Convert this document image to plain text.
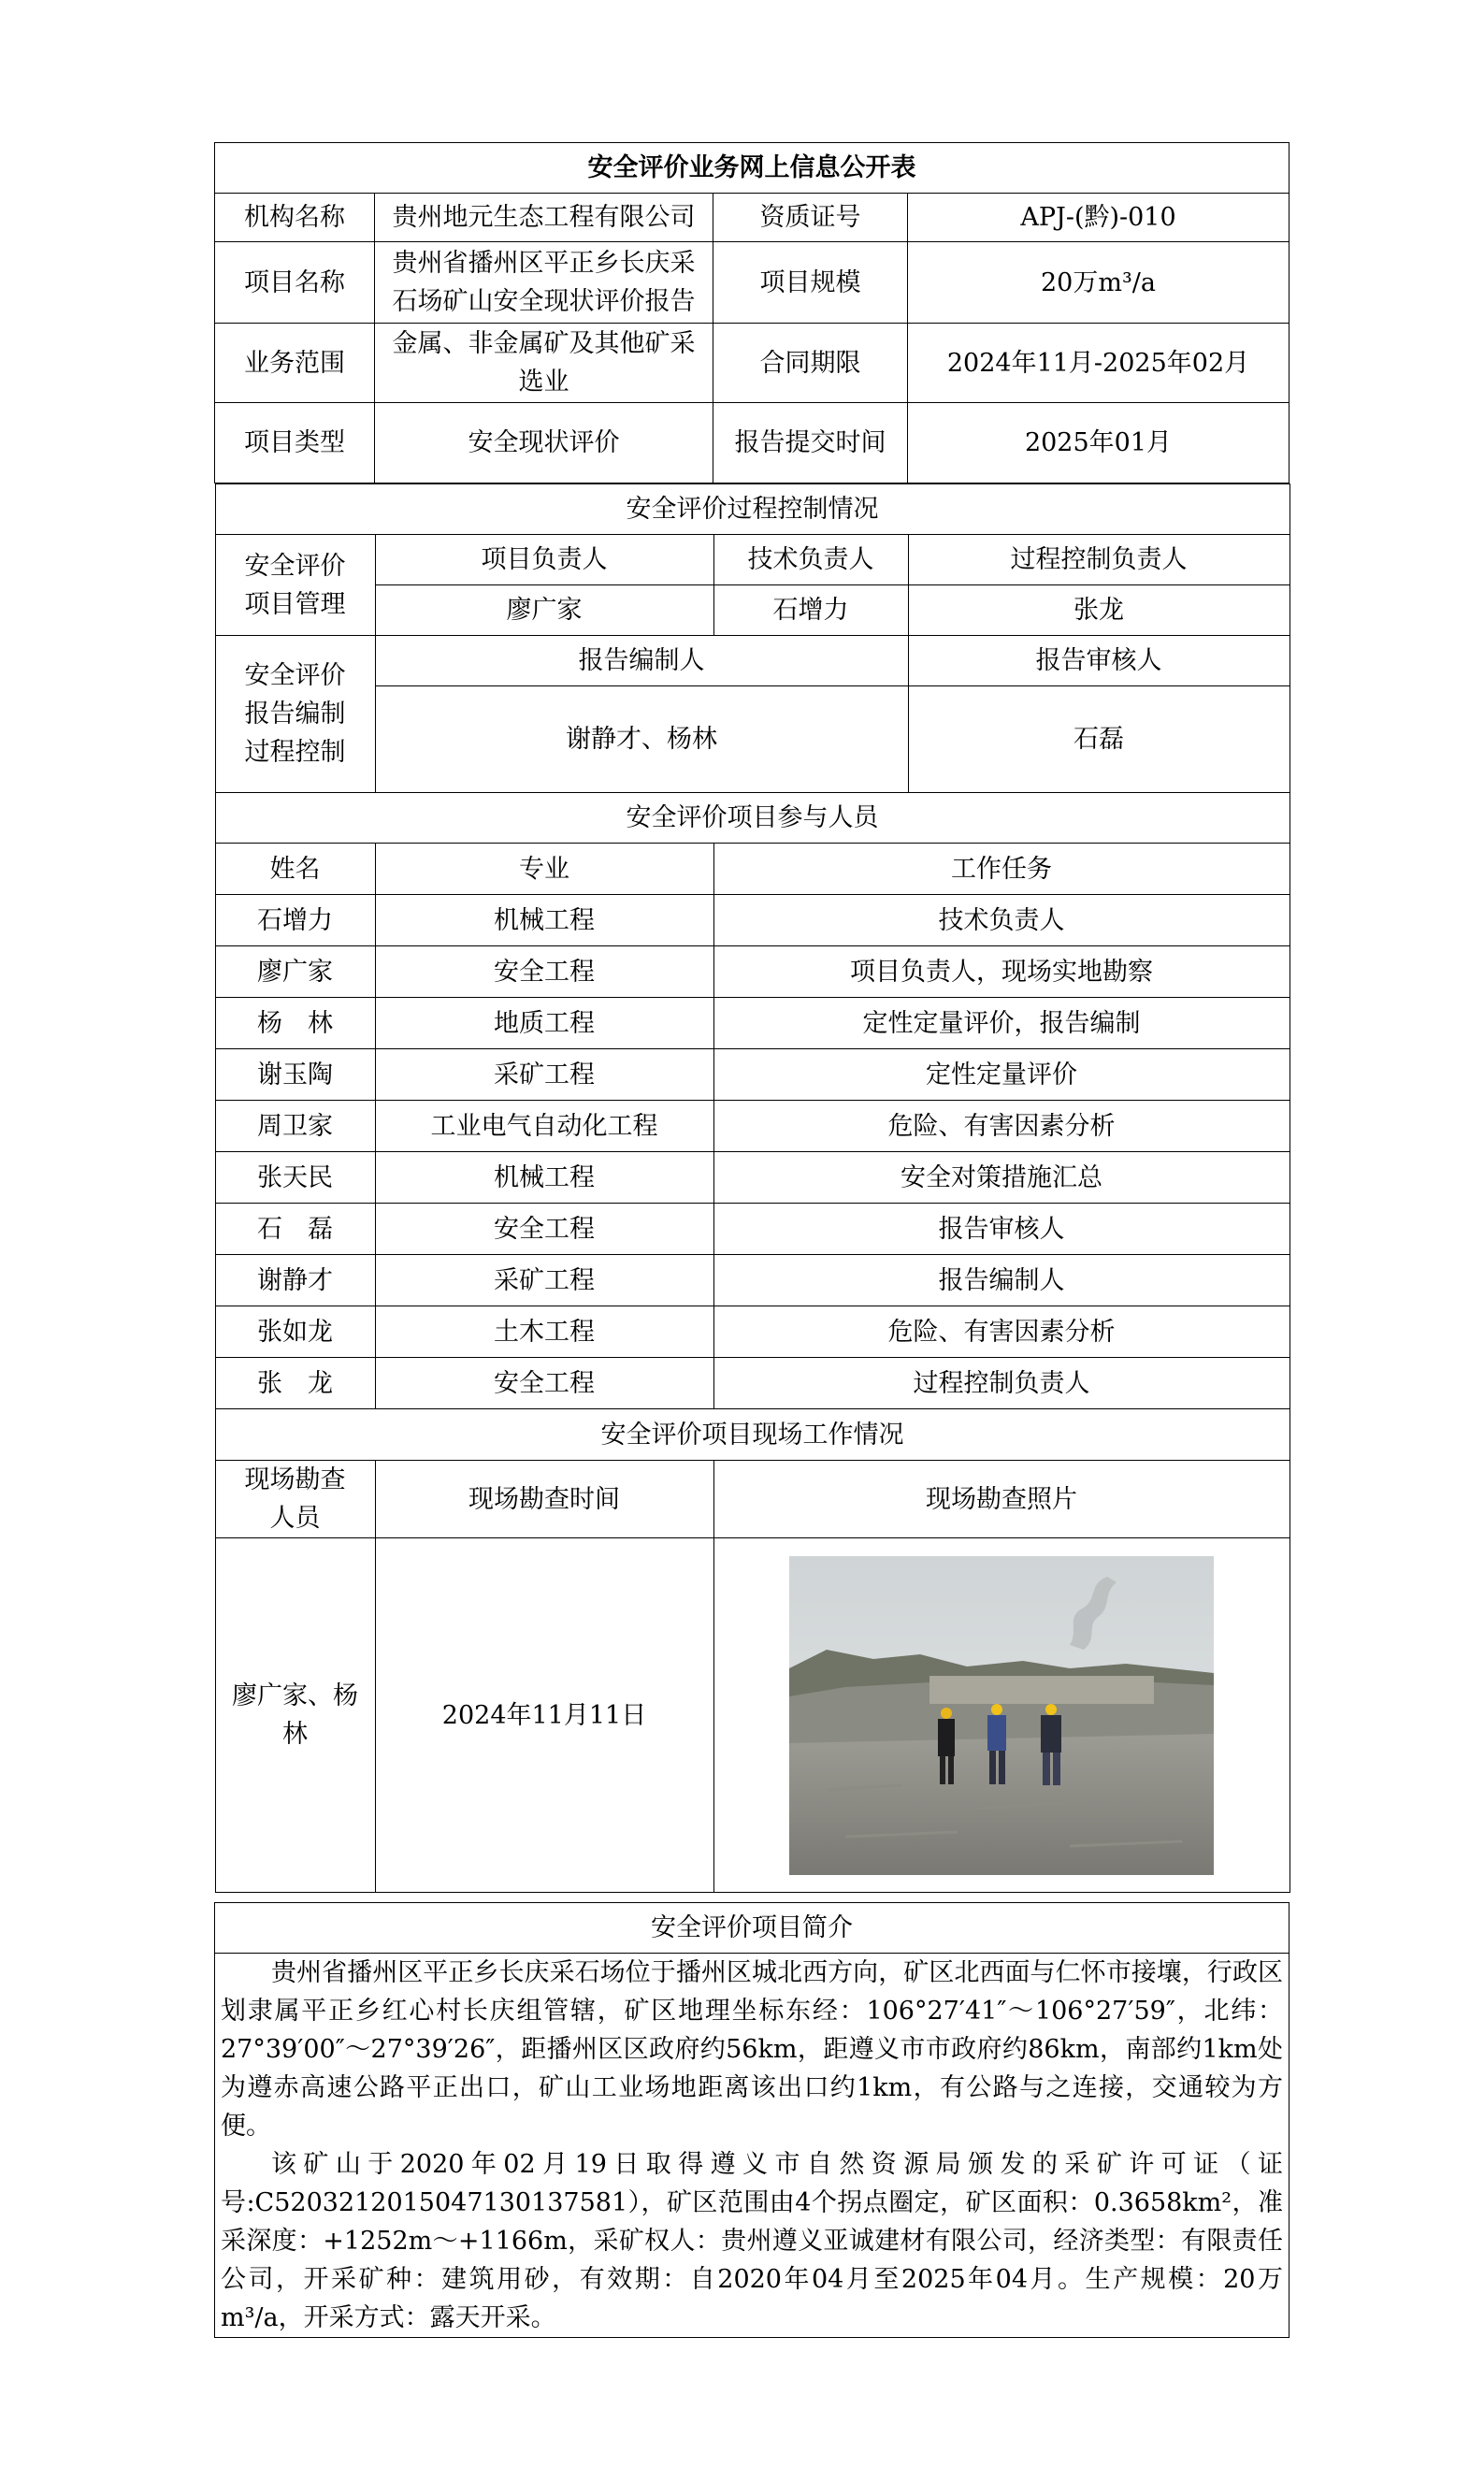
安全评价业务网上信息公开表
机构名称	贵州地元生态工程有限公司	资质证号	APJ-(黔)-010
项目名称	贵州省播州区平正乡长庆采石场矿山安全现状评价报告	项目规模	20万m³/a
业务范围	金属、非金属矿及其他矿采选业	合同期限	2024年11月-2025年02月
项目类型	安全现状评价	报告提交时间	2025年01月

安全评价过程控制情况
安全评价项目管理	项目负责人	技术负责人	过程控制负责人
廖广家	石增力	张龙
安全评价报告编制过程控制	报告编制人	报告审核人
谢静才、杨林	石磊
安全评价项目参与人员
姓名	专业	工作任务
石增力	机械工程	技术负责人
廖广家	安全工程	项目负责人，现场实地勘察
杨　林	地质工程	定性定量评价，报告编制
谢玉陶	采矿工程	定性定量评价
周卫家	工业电气自动化工程	危险、有害因素分析
张天民	机械工程	安全对策措施汇总
石　磊	安全工程	报告审核人
谢静才	采矿工程	报告编制人
张如龙	土木工程	危险、有害因素分析
张　龙	安全工程	过程控制负责人
安全评价项目现场工作情况
现场勘查人员	现场勘查时间	现场勘查照片
廖广家、杨林	2024年11月11日	

安全评价项目简介

贵州省播州区平正乡长庆采石场位于播州区城北西方向，矿区北西面与仁怀市接壤，行政区划隶属平正乡红心村长庆组管辖，矿区地理坐标东经：106°27′41″～106°27′59″，北纬：27°39′00″～27°39′26″，距播州区区政府约56km，距遵义市市政府约86km，南部约1km处为遵赤高速公路平正出口，矿山工业场地距离该出口约1km，有公路与之连接，交通较为方便。

该矿山于2020年02月19日取得遵义市自然资源局颁发的采矿许可证（证号:C5203212015047130137581），矿区范围由4个拐点圈定，矿区面积：0.3658km²，准采深度：+1252m～+1166m，采矿权人：贵州遵义亚诚建材有限公司，经济类型：有限责任公司，开采矿种：建筑用砂，有效期：自2020年04月至2025年04月。生产规模：20万m³/a，开采方式：露天开采。
